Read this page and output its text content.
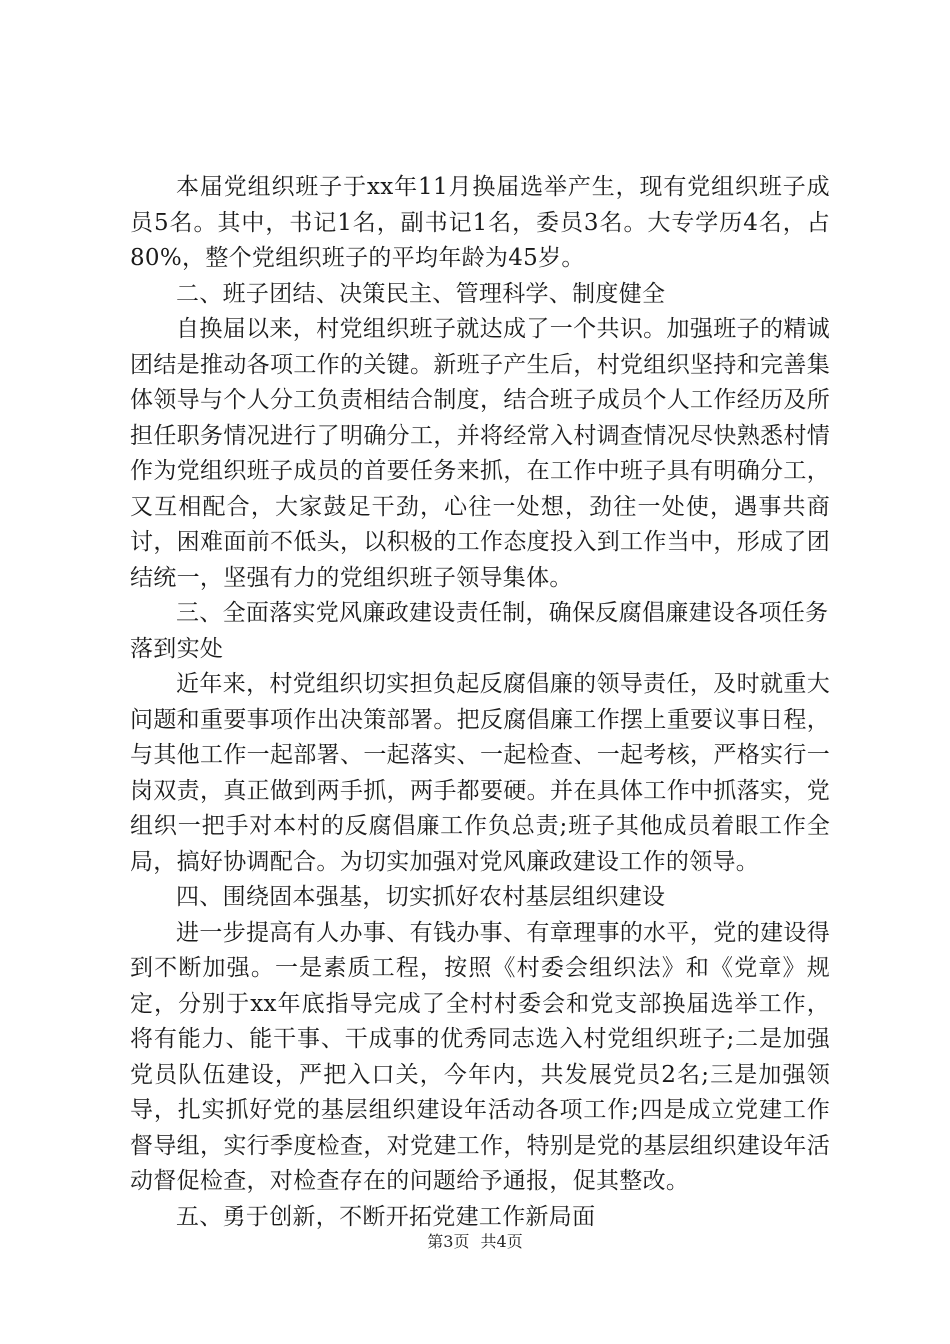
本届党组织班子于xx年11月换届选举产生，现有党组织班子成员5名。其中，书记1名，副书记1名，委员3名。大专学历4名，占80%，整个党组织班子的平均年龄为45岁。

二、班子团结、决策民主、管理科学、制度健全

自换届以来，村党组织班子就达成了一个共识。加强班子的精诚团结是推动各项工作的关键。新班子产生后，村党组织坚持和完善集体领导与个人分工负责相结合制度，结合班子成员个人工作经历及所担任职务情况进行了明确分工，并将经常入村调查情况尽快熟悉村情作为党组织班子成员的首要任务来抓，在工作中班子具有明确分工，又互相配合，大家鼓足干劲，心往一处想，劲往一处使，遇事共商讨，困难面前不低头，以积极的工作态度投入到工作当中，形成了团结统一，坚强有力的党组织班子领导集体。

三、全面落实党风廉政建设责任制，确保反腐倡廉建设各项任务落到实处

近年来，村党组织切实担负起反腐倡廉的领导责任，及时就重大问题和重要事项作出决策部署。把反腐倡廉工作摆上重要议事日程，与其他工作一起部署、一起落实、一起检查、一起考核，严格实行一岗双责，真正做到两手抓，两手都要硬。并在具体工作中抓落实，党组织一把手对本村的反腐倡廉工作负总责;班子其他成员着眼工作全局，搞好协调配合。为切实加强对党风廉政建设工作的领导。

四、围绕固本强基，切实抓好农村基层组织建设

进一步提高有人办事、有钱办事、有章理事的水平，党的建设得到不断加强。一是素质工程，按照《村委会组织法》和《党章》规定，分别于xx年底指导完成了全村村委会和党支部换届选举工作，将有能力、能干事、干成事的优秀同志选入村党组织班子;二是加强党员队伍建设，严把入口关，今年内，共发展党员2名;三是加强领导，扎实抓好党的基层组织建设年活动各项工作;四是成立党建工作督导组，实行季度检查，对党建工作，特别是党的基层组织建设年活动督促检查，对检查存在的问题给予通报，促其整改。

五、勇于创新，不断开拓党建工作新局面

第3页 共4页
